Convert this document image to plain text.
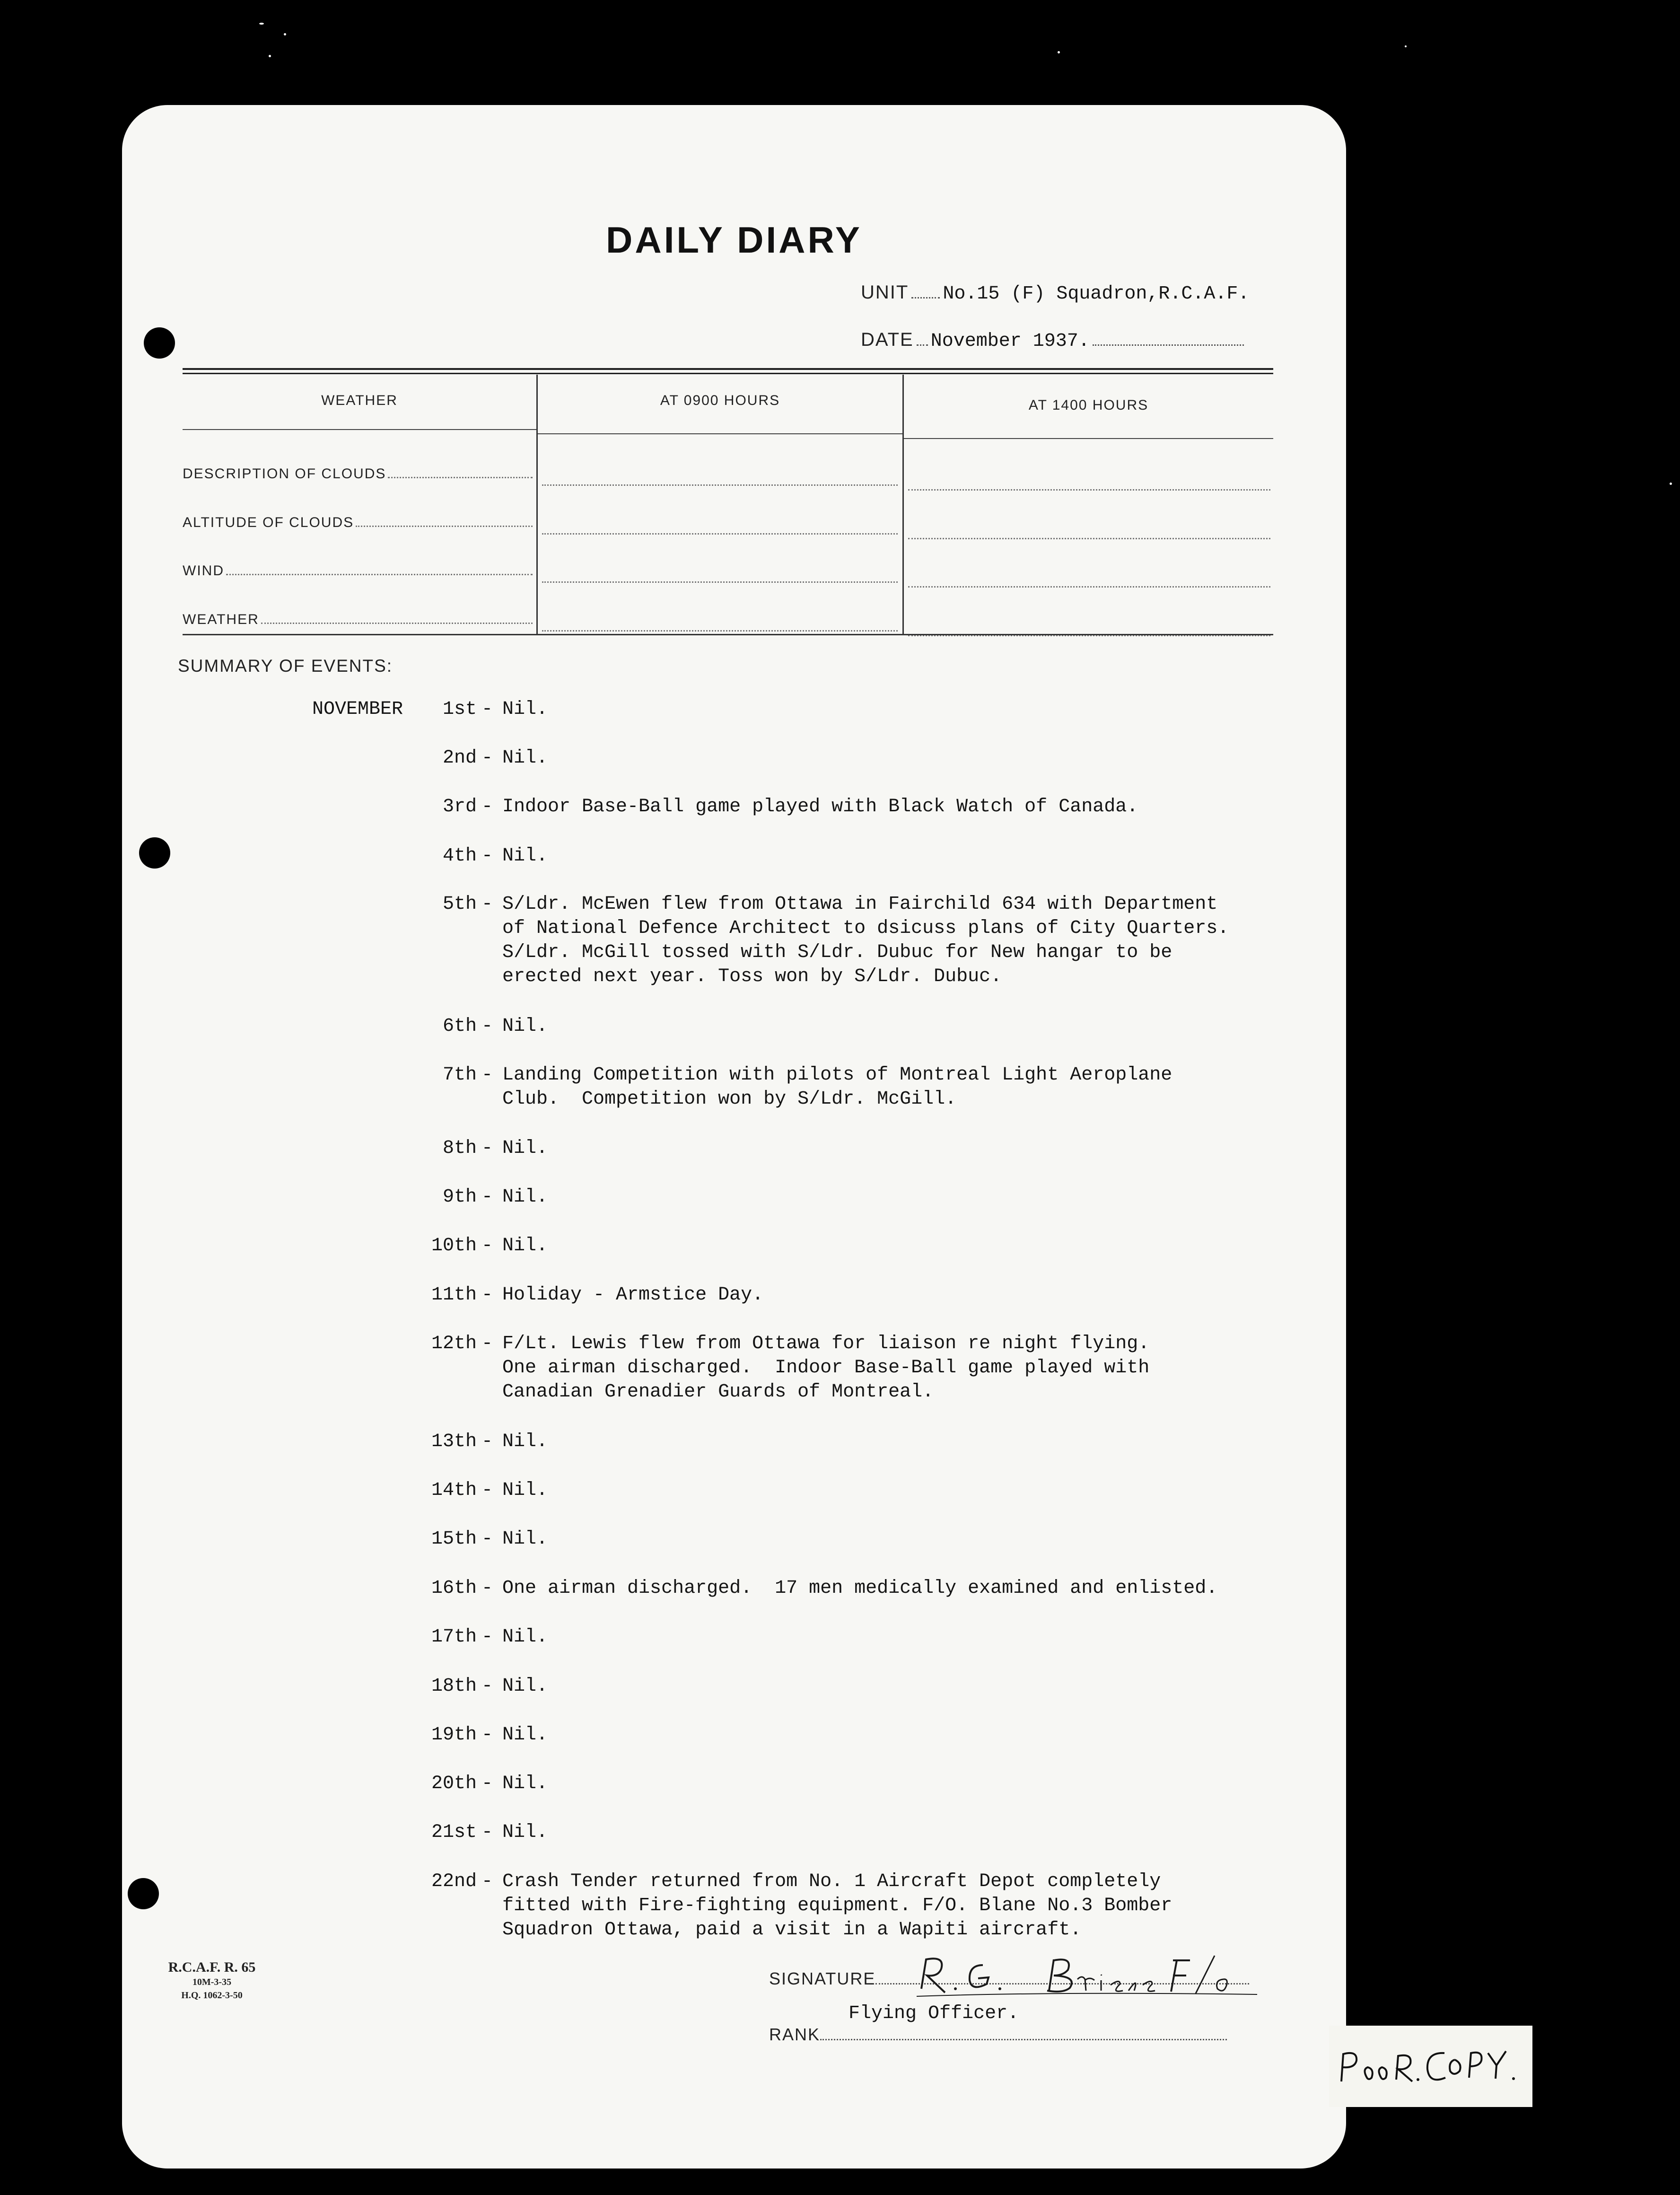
DAILY DIARY
UNIT No.15 (F) Squadron,R.C.A.F.
DATE November 1937.
WEATHER	AT 0900 HOURS	AT 1400 HOURS
DESCRIPTION OF CLOUDS
ALTITUDE OF CLOUDS
WIND
WEATHER
SUMMARY OF EVENTS:
NOVEMBER 1st - Nil.
2nd - Nil.
3rd - Indoor Base-Ball game played with Black Watch of Canada.
4th - Nil.
5th - S/Ldr. McEwen flew from Ottawa in Fairchild 634 with Department
of National Defence Architect to dsicuss plans of City Quarters.
S/Ldr. McGill tossed with S/Ldr. Dubuc for New hangar to be
erected next year. Toss won by S/Ldr. Dubuc.
6th - Nil.
7th - Landing Competition with pilots of Montreal Light Aeroplane
Club.  Competition won by S/Ldr. McGill.
8th - Nil.
9th - Nil.
10th - Nil.
11th - Holiday - Armstice Day.
12th - F/Lt. Lewis flew from Ottawa for liaison re night flying.
One airman discharged.  Indoor Base-Ball game played with
Canadian Grenadier Guards of Montreal.
13th - Nil.
14th - Nil.
15th - Nil.
16th - One airman discharged.  17 men medically examined and enlisted.
17th - Nil.
18th - Nil.
19th - Nil.
20th - Nil.
21st - Nil.
22nd - Crash Tender returned from No. 1 Aircraft Depot completely
fitted with Fire-fighting equipment. F/O. Blane No.3 Bomber
Squadron Ottawa, paid a visit in a Wapiti aircraft.
R.C.A.F. R. 65
10M-3-35
H.Q. 1062-3-50
SIGNATURE
RANK
Flying Officer.
